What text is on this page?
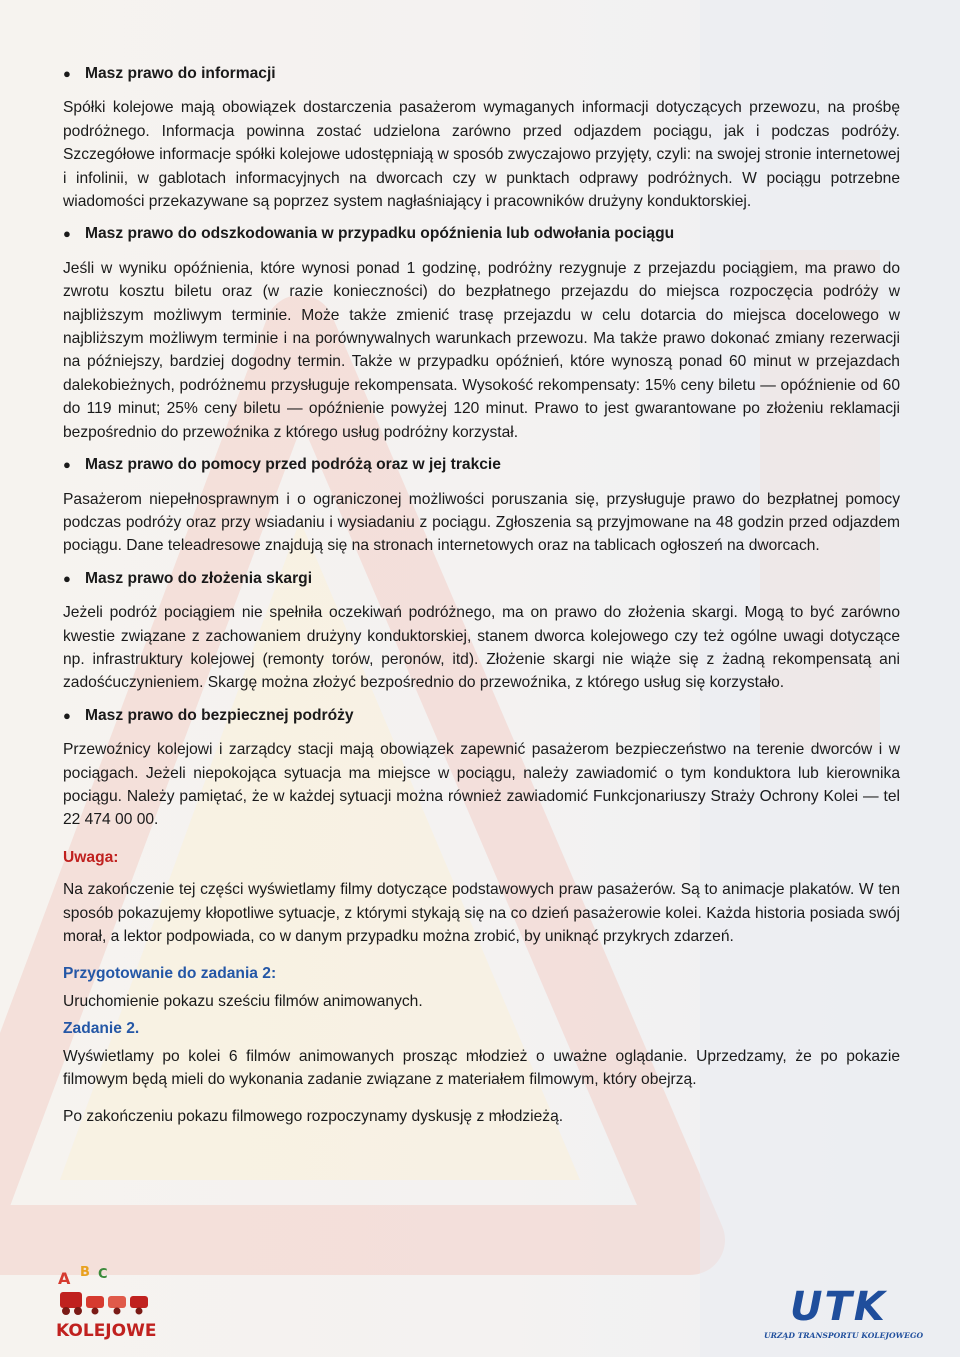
● Masz prawo do informacji

Spółki kolejowe mają obowiązek dostarczenia pasażerom wymaganych informacji dotyczących przewozu, na prośbę podróżnego. Informacja powinna zostać udzielona zarówno przed odjazdem pociągu, jak i podczas podróży. Szczegółowe informacje spółki kolejowe udostępniają w sposób zwyczajowo przyjęty, czyli: na swojej stronie internetowej i infolinii, w gablotach informacyjnych na dworcach czy w punktach odprawy podróżnych. W pociągu potrzebne wiadomości przekazywane są poprzez system nagłaśniający i pracowników drużyny konduktorskiej.

● Masz prawo do odszkodowania w przypadku opóźnienia lub odwołania pociągu

Jeśli w wyniku opóźnienia, które wynosi ponad 1 godzinę, podróżny rezygnuje z przejazdu pociągiem, ma prawo do zwrotu kosztu biletu oraz (w razie konieczności) do bezpłatnego przejazdu do miejsca rozpoczęcia podróży w najbliższym możliwym terminie. Może także zmienić trasę przejazdu w celu dotarcia do miejsca docelowego w najbliższym możliwym terminie i na porównywalnych warunkach przewozu. Ma także prawo dokonać zmiany rezerwacji na późniejszy, bardziej dogodny termin. Także w przypadku opóźnień, które wynoszą ponad 60 minut w przejazdach dalekobieżnych, podróżnemu przysługuje rekompensata. Wysokość rekompensaty: 15% ceny biletu — opóźnienie od 60 do 119 minut; 25% ceny biletu — opóźnienie powyżej 120 minut. Prawo to jest gwarantowane po złożeniu reklamacji bezpośrednio do przewoźnika z którego usług podróżny korzystał.

● Masz prawo do pomocy przed podróżą oraz w jej trakcie

Pasażerom niepełnosprawnym i o ograniczonej możliwości poruszania się, przysługuje prawo do bezpłatnej pomocy podczas podróży oraz przy wsiadaniu i wysiadaniu z pociągu. Zgłoszenia są przyjmowane na 48 godzin przed odjazdem pociągu. Dane teleadresowe znajdują się na stronach internetowych oraz na tablicach ogłoszeń na dworcach.

● Masz prawo do złożenia skargi

Jeżeli podróż pociągiem nie spełniła oczekiwań podróżnego, ma on prawo do złożenia skargi. Mogą to być zarówno kwestie związane z zachowaniem drużyny konduktorskiej, stanem dworca kolejowego czy też ogólne uwagi dotyczące np. infrastruktury kolejowej (remonty torów, peronów, itd). Złożenie skargi nie wiąże się z żadną rekompensatą ani zadośćuczynieniem. Skargę można złożyć bezpośrednio do przewoźnika, z którego usług się korzystało.

● Masz prawo do bezpiecznej podróży

Przewoźnicy kolejowi i zarządcy stacji mają obowiązek zapewnić pasażerom bezpieczeństwo na terenie dworców i w pociągach. Jeżeli niepokojąca sytuacja ma miejsce w pociągu, należy zawiadomić o tym konduktora lub kierownika pociągu. Należy pamiętać, że w każdej sytuacji można również zawiadomić Funkcjonariuszy Straży Ochrony Kolei — tel 22 474 00 00.

Uwaga:

Na zakończenie tej części wyświetlamy filmy dotyczące podstawowych praw pasażerów. Są to animacje plakatów. W ten sposób pokazujemy kłopotliwe sytuacje, z którymi stykają się na co dzień pasażerowie kolei. Każda historia posiada swój morał, a lektor podpowiada, co w danym przypadku można zrobić, by uniknąć przykrych zdarzeń.

Przygotowanie do zadania 2:

Uruchomienie pokazu sześciu filmów animowanych.

Zadanie 2.

Wyświetlamy po kolei 6 filmów animowanych prosząc młodzież o uważne oglądanie. Uprzedzamy, że po pokazie filmowym będą mieli do wykonania zadanie związane z materiałem filmowym, który obejrzą.

Po zakończeniu pokazu filmowego rozpoczynamy dyskusję z młodzieżą.

A B C
KOLEJOWE
UTK
URZĄD TRANSPORTU KOLEJOWEGO
